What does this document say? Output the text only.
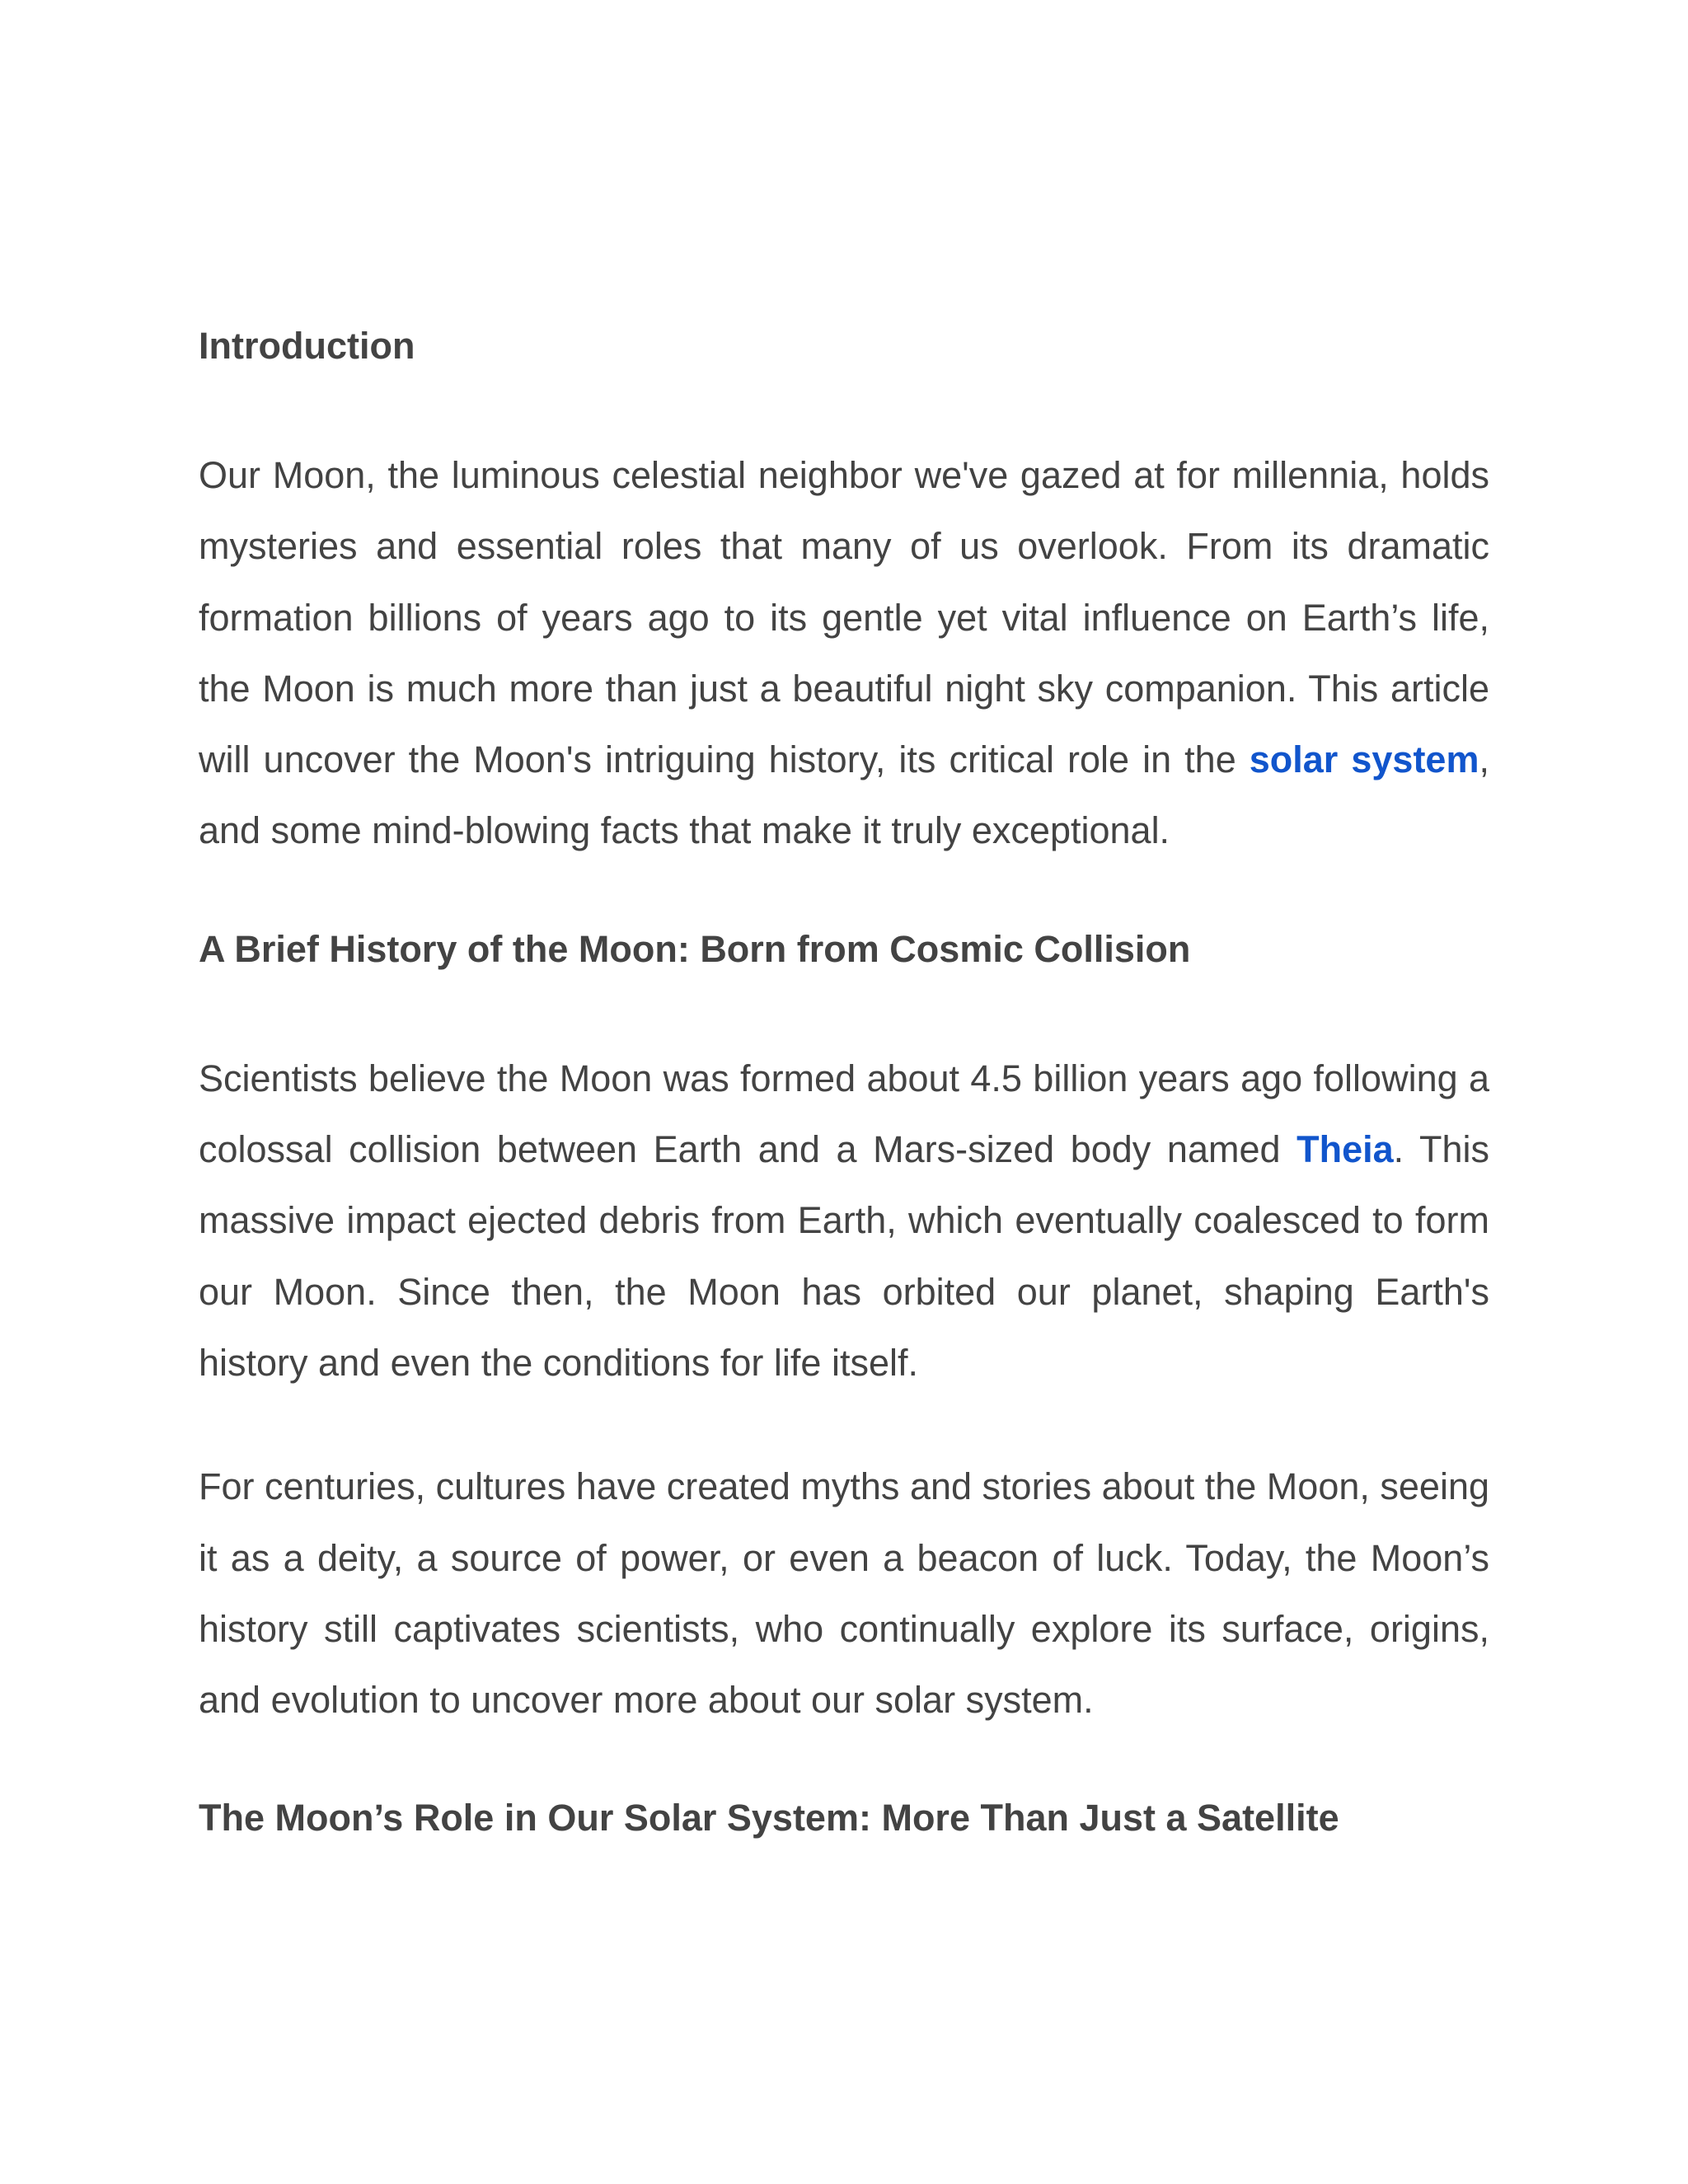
Introduction

Our Moon, the luminous celestial neighbor we've gazed at for millennia, holds mysteries and essential roles that many of us overlook. From its dramatic formation billions of years ago to its gentle yet vital influence on Earth’s life, the Moon is much more than just a beautiful night sky companion. This article will uncover the Moon's intriguing history, its critical role in the solar system, and some mind-blowing facts that make it truly exceptional.

A Brief History of the Moon: Born from Cosmic Collision

Scientists believe the Moon was formed about 4.5 billion years ago following a colossal collision between Earth and a Mars-sized body named Theia. This massive impact ejected debris from Earth, which eventually coalesced to form our Moon. Since then, the Moon has orbited our planet, shaping Earth's history and even the conditions for life itself.

For centuries, cultures have created myths and stories about the Moon, seeing it as a deity, a source of power, or even a beacon of luck. Today, the Moon’s history still captivates scientists, who continually explore its surface, origins, and evolution to uncover more about our solar system.

The Moon’s Role in Our Solar System: More Than Just a Satellite
